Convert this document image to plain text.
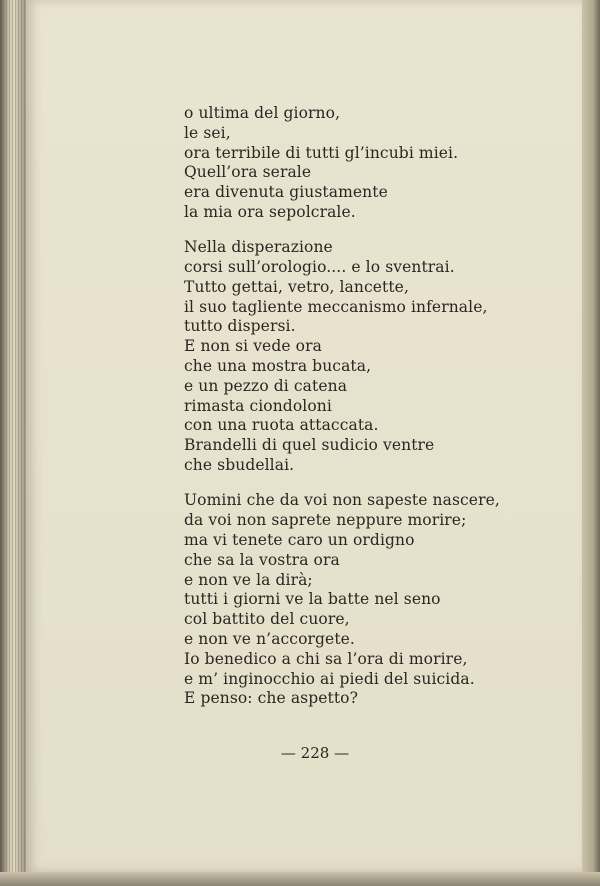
o ultima del giorno,
le sei,
ora terribile di tutti gl’incubi miei.
Quell’ora serale
era divenuta giustamente
la mia ora sepolcrale.
Nella disperazione
corsi sull’orologio.... e lo sventrai.
Tutto gettai, vetro, lancette,
il suo tagliente meccanismo infernale,
tutto dispersi.
E non si vede ora
che una mostra bucata,
e un pezzo di catena
rimasta ciondoloni
con una ruota attaccata.
Brandelli di quel sudicio ventre
che sbudellai.
Uomini che da voi non sapeste nascere,
da voi non saprete neppure morire;
ma vi tenete caro un ordigno
che sa la vostra ora
e non ve la dirà;
tutti i giorni ve la batte nel seno
col battito del cuore,
e non ve n’accorgete.
Io benedico a chi sa l’ora di morire,
e m’ inginocchio ai piedi del suicida.
E penso: che aspetto?
— 228 —
